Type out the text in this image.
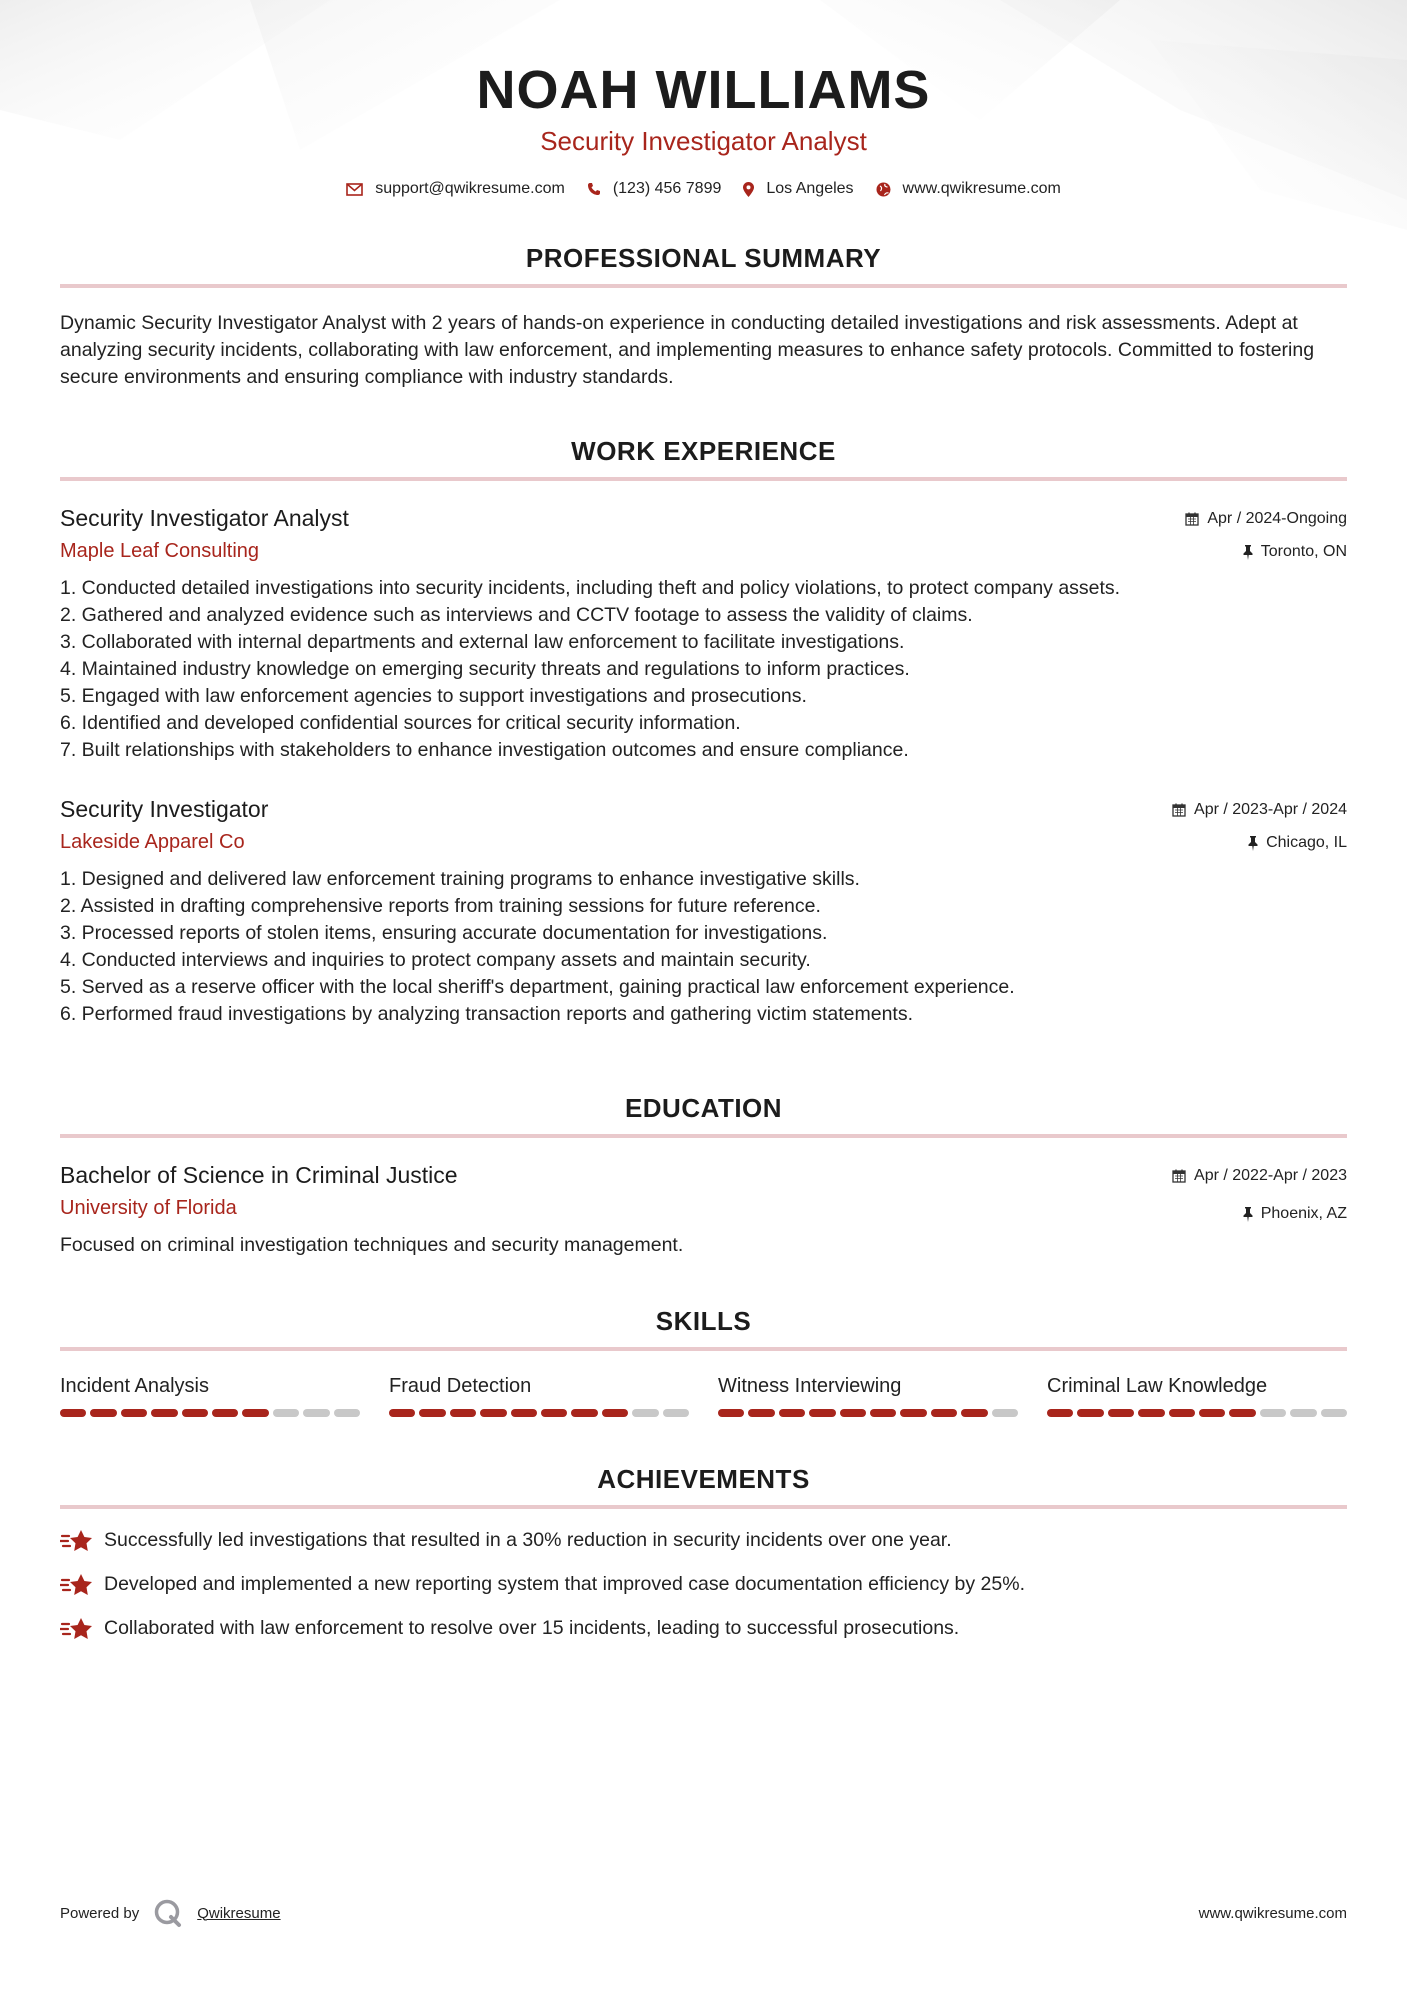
NOAH WILLIAMS
Security Investigator Analyst
support@qwikresume.com	(123) 456 7899	Los Angeles	www.qwikresume.com
PROFESSIONAL SUMMARY
Dynamic Security Investigator Analyst with 2 years of hands-on experience in conducting detailed investigations and risk assessments. Adept at analyzing security incidents, collaborating with law enforcement, and implementing measures to enhance safety protocols. Committed to fostering secure environments and ensuring compliance with industry standards.
WORK EXPERIENCE
Security Investigator Analyst
Maple Leaf Consulting
Apr / 2024-Ongoing
Toronto, ON
1. Conducted detailed investigations into security incidents, including theft and policy violations, to protect company assets.
2. Gathered and analyzed evidence such as interviews and CCTV footage to assess the validity of claims.
3. Collaborated with internal departments and external law enforcement to facilitate investigations.
4. Maintained industry knowledge on emerging security threats and regulations to inform practices.
5. Engaged with law enforcement agencies to support investigations and prosecutions.
6. Identified and developed confidential sources for critical security information.
7. Built relationships with stakeholders to enhance investigation outcomes and ensure compliance.
Security Investigator
Lakeside Apparel Co
Apr / 2023-Apr / 2024
Chicago, IL
1. Designed and delivered law enforcement training programs to enhance investigative skills.
2. Assisted in drafting comprehensive reports from training sessions for future reference.
3. Processed reports of stolen items, ensuring accurate documentation for investigations.
4. Conducted interviews and inquiries to protect company assets and maintain security.
5. Served as a reserve officer with the local sheriff's department, gaining practical law enforcement experience.
6. Performed fraud investigations by analyzing transaction reports and gathering victim statements.
EDUCATION
Bachelor of Science in Criminal Justice
University of Florida
Apr / 2022-Apr / 2023
Phoenix, AZ
Focused on criminal investigation techniques and security management.
SKILLS
Incident Analysis	Fraud Detection	Witness Interviewing	Criminal Law Knowledge
ACHIEVEMENTS
Successfully led investigations that resulted in a 30% reduction in security incidents over one year.
Developed and implemented a new reporting system that improved case documentation efficiency by 25%.
Collaborated with law enforcement to resolve over 15 incidents, leading to successful prosecutions.
Powered by	Qwikresume	www.qwikresume.com
